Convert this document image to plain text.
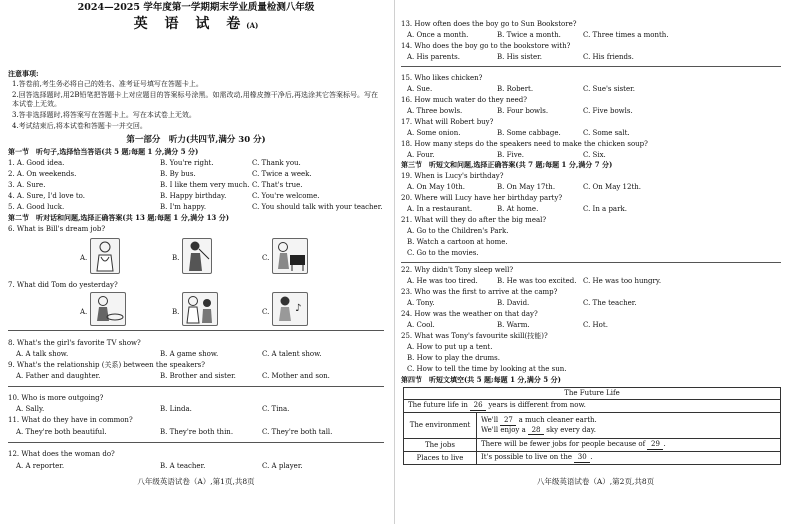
2024—2025 学年度第一学期期末学业质量检测八年级
英 语 试 卷(A)
注意事项:
1.答卷前,考生务必将自己的姓名、准考证号填写在答题卡上。
2.回答选择题时,用2B铅笔把答题卡上对应题目的答案标号涂黑。如需改动,用橡皮擦干净后,再选涂其它答案标号。写在本试卷上无效。
3.答非选择题时,将答案写在答题卡上。写在本试卷上无效。
4.考试结束后,将本试卷和答题卡一并交回。
第一部分　听力(共四节,满分 30 分)
第一节　听句子,选择恰当答语(共 5 题;每题 1 分,满分 5 分)
1. A. Good idea.	B. You're right.	C. Thank you.
2. A. On weekends.	B. By bus.	C. Twice a week.
3. A. Sure.	B. I like them very much. C. That's true.
4. A. Sure, I'd love to.	B. Happy birthday.	C. You're welcome.
5. A. Good luck.	B. I'm happy.	C. You should talk with your teacher.
第二节　听对话和问题,选择正确答案(共 13 题;每题 1 分,满分 13 分)
6. What is Bill's dream job?
A.	B.	C.
7. What did Tom do yesterday?
A.	B.	C.	♪
8. What's the girl's favorite TV show?
A. A talk show.	B. A game show.	C. A talent show.
9. What's the relationship (关系) between the speakers?
A. Father and daughter.	B. Brother and sister.	C. Mother and son.
10. Who is more outgoing?
A. Sally.	B. Linda.	C. Tina.
11. What do they have in common?
A. They're both beautiful.	B. They're both thin.	C. They're both tall.
12. What does the woman do?
A. A reporter.	B. A teacher.	C. A player.
八年级英语试卷（A）,第1页,共8页
13. How often does the boy go to Sun Bookstore?
A. Once a month.	B. Twice a month.	C. Three times a month.
14. Who does the boy go to the bookstore with?
A. His parents.	B. His sister.	C. His friends.
15. Who likes chicken?
A. Sue.	B. Robert.	C. Sue's sister.
16. How much water do they need?
A. Three bowls.	B. Four bowls.	C. Five bowls.
17. What will Robert buy?
A. Some onion.	B. Some cabbage.	C. Some salt.
18. How many steps do the speakers need to make the chicken soup?
A. Four.	B. Five.	C. Six.
第三节　听短文和问题,选择正确答案(共 7 题;每题 1 分,满分 7 分)
19. When is Lucy's birthday?
A. On May 10th.	B. On May 17th.	C. On May 12th.
20. Where will Lucy have her birthday party?
A. In a restaurant.	B. At home.	C. In a park.
21. What will they do after the big meal?
A. Go to the Children's Park.
B. Watch a cartoon at home.
C. Go to the movies.
22. Why didn't Tony sleep well?
A. He was too tired.	B. He was too excited. C. He was too hungry.
23. Who was the first to arrive at the camp?
A. Tony.	B. David.	C. The teacher.
24. How was the weather on that day?
A. Cool.	B. Warm.	C. Hot.
25. What was Tony's favourite skill(技能)?
A. How to put up a tent.
B. How to play the drums.
C. How to tell the time by looking at the sun.
第四节　听短文填空(共 5 题;每题 1 分,满分 5 分)
The Future Life	
The future life in 26 years is different from now.	
The environment	We'll 27 a much cleaner earth.
We'll enjoy a 28 sky every day.

The jobs	There will be fewer jobs for people because of 29 .
Places to live	It's possible to live on the 30 .
八年级英语试卷（A）,第2页,共8页
